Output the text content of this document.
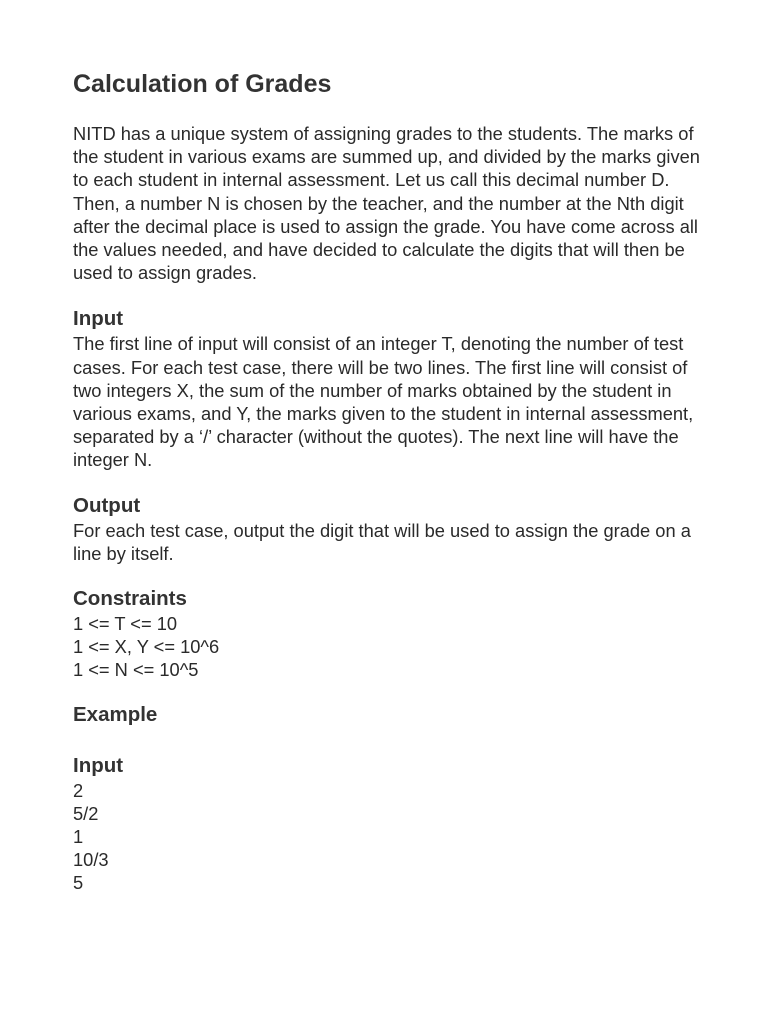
Calculation of Grades

NITD has a unique system of assigning grades to the students. The marks of the student in various exams are summed up, and divided by the marks given to each student in internal assessment. Let us call this decimal number D. Then, a number N is chosen by the teacher, and the number at the Nth digit after the decimal place is used to assign the grade. You have come across all the values needed, and have decided to calculate the digits that will then be used to assign grades.

Input

The first line of input will consist of an integer T, denoting the number of test cases. For each test case, there will be two lines. The first line will consist of two integers X, the sum of the number of marks obtained by the student in various exams, and Y, the marks given to the student in internal assessment, separated by a ‘/’ character (without the quotes). The next line will have the integer N.

Output

For each test case, output the digit that will be used to assign the grade on a line by itself.

Constraints
1 <= T <= 10
1 <= X, Y <= 10^6
1 <= N <= 10^5
Example
Input
2
5/2
1
10/3
5
